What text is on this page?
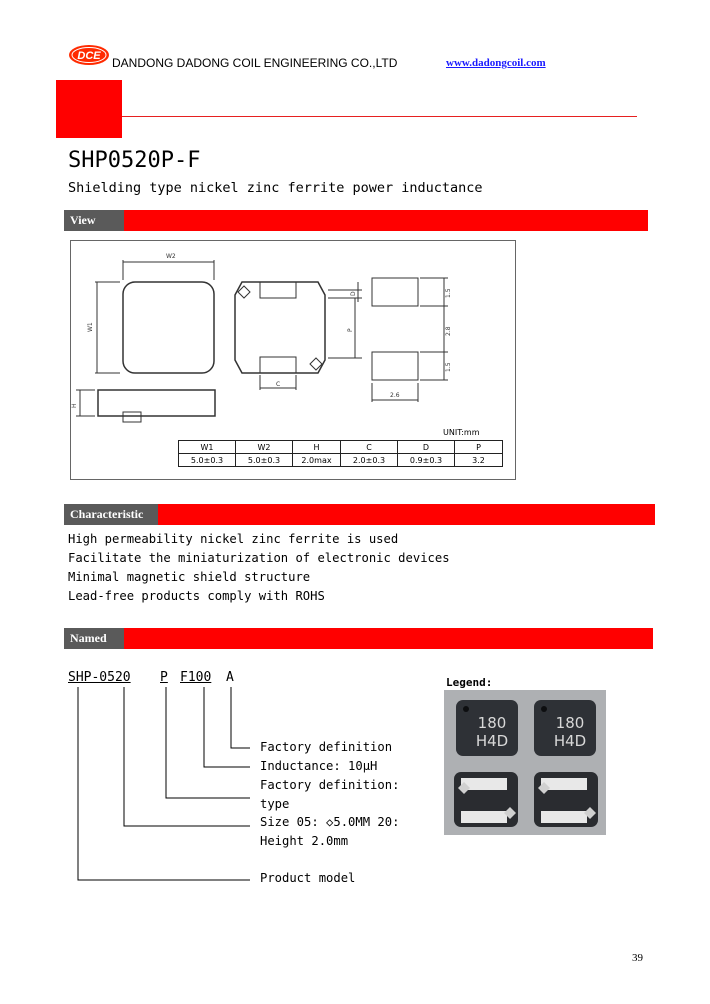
DCE DANDONG DADONG COIL ENGINEERING CO.,LTD	www.dadongcoil.com
SHP0520P-F
Shielding type nickel zinc ferrite power inductance
View
W2
W1
H
D
P
C
1.5
2.8
1.5
2.6
UNIT:mm
W1	W2	H	C	D	P
5.0±0.3	5.0±0.3	2.0max	2.0±0.3	0.9±0.3	3.2
Characteristic
High permeability nickel zinc ferrite is used
Facilitate the miniaturization of electronic devices
Minimal magnetic shield structure
Lead-free products comply with ROHS
Named
SHP-0520 P F100 A
Factory definition
Inductance: 10μH
Factory definition:
type
Size 05: ◇5.0MM 20:
Height 2.0mm
Product model
Legend:
180
H4D
180
H4D
39
